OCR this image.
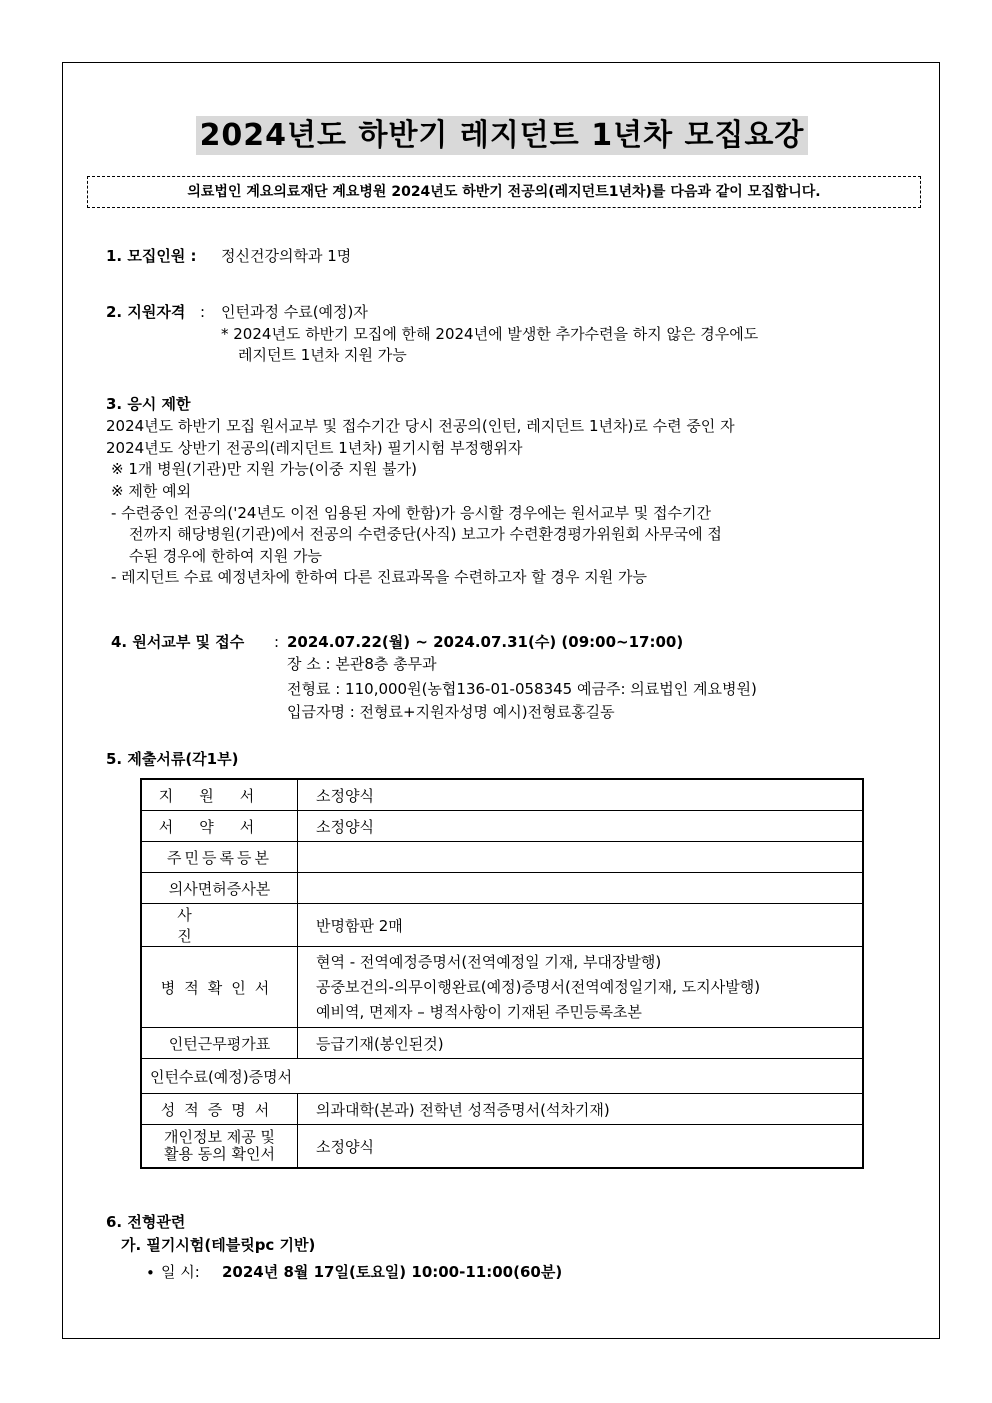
2024년도 하반기 레지던트 1년차 모집요강
의료법인 계요의료재단 계요병원 2024년도 하반기 전공의(레지던트1년차)를 다음과 같이 모집합니다.
1. 모집인원 : 정신건강의학과 1명
2. 지원자격 : 인턴과정 수료(예정)자
* 2024년도 하반기 모집에 한해 2024년에 발생한 추가수련을 하지 않은 경우에도
레지던트 1년차 지원 가능
3. 응시 제한
2024년도 하반기 모집 원서교부 및 접수기간 당시 전공의(인턴, 레지던트 1년차)로 수련 중인 자
2024년도 상반기 전공의(레지던트 1년차) 필기시험 부정행위자
※ 1개 병원(기관)만 지원 가능(이중 지원 불가)
※ 제한 예외
- 수련중인 전공의('24년도 이전 임용된 자에 한함)가 응시할 경우에는 원서교부 및 접수기간
전까지 해당병원(기관)에서 전공의 수련중단(사직) 보고가 수련환경평가위원회 사무국에 접
수된 경우에 한하여 지원 가능
- 레지던트 수료 예정년차에 한하여 다른 진료과목을 수련하고자 할 경우 지원 가능
4. 원서교부 및 접수 : 2024.07.22(월) ~ 2024.07.31(수) (09:00~17:00)
장 소 : 본관8층 총무과
전형료 : 110,000원(농협136-01-058345 예금주: 의료법인 계요병원)
입금자명 : 전형료+지원자성명 예시)전형료홍길동
5. 제출서류(각1부)
지원서	소정양식
서약서	소정양식
주민등록등본	
의사면허증사본	
사진	반명함판 2매
병적확인서	현역 - 전역예정증명서(전역예정일 기재, 부대장발행)
공중보건의-의무이행완료(예정)증명서(전역예정일기재, 도지사발행)
예비역, 면제자 – 병적사항이 기재된 주민등록초본

인턴근무평가표	등급기재(봉인된것)
인턴수료(예정)증명서	
성적증명서	의과대학(본과) 전학년 성적증명서(석차기재)

개인정보 제공 및
활용 동의 확인서	소정양식
6. 전형관련
가. 필기시험(테블릿pc 기반)
• 일 시: 2024년 8월 17일(토요일) 10:00-11:00(60분)
